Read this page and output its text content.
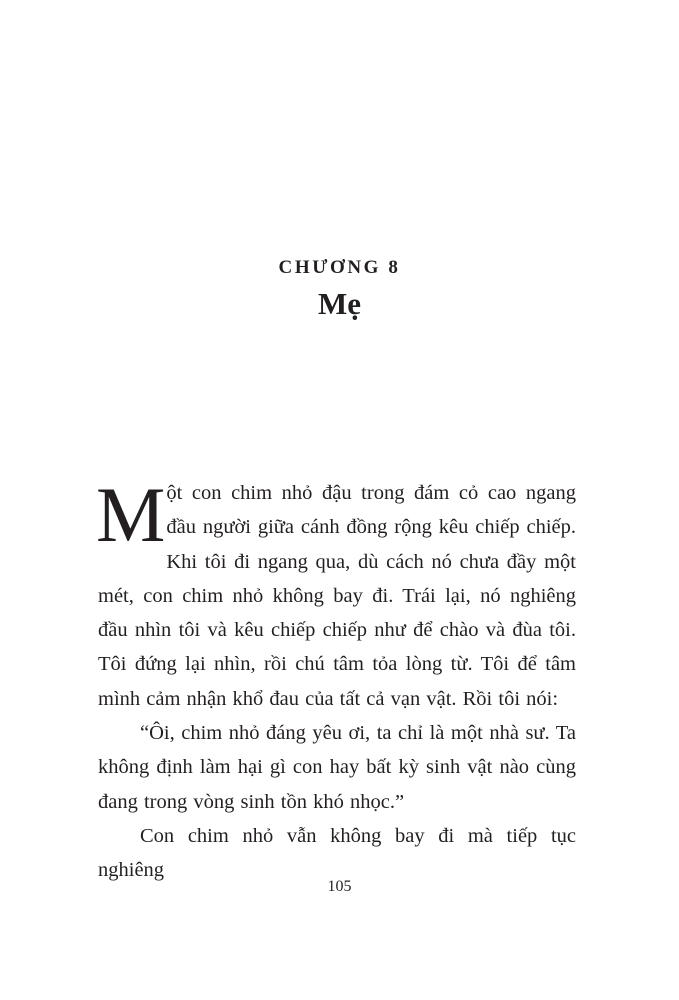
CHƯƠNG 8
Mẹ

Một con chim nhỏ đậu trong đám cỏ cao ngang đầu người giữa cánh đồng rộng kêu chiếp chiếp. Khi tôi đi ngang qua, dù cách nó chưa đầy một mét, con chim nhỏ không bay đi. Trái lại, nó nghiêng đầu nhìn tôi và kêu chiếp chiếp như để chào và đùa tôi. Tôi đứng lại nhìn, rồi chú tâm tỏa lòng từ. Tôi để tâm mình cảm nhận khổ đau của tất cả vạn vật. Rồi tôi nói:

“Ôi, chim nhỏ đáng yêu ơi, ta chỉ là một nhà sư. Ta không định làm hại gì con hay bất kỳ sinh vật nào cùng đang trong vòng sinh tồn khó nhọc.”

Con chim nhỏ vẫn không bay đi mà tiếp tục nghiêng

105
